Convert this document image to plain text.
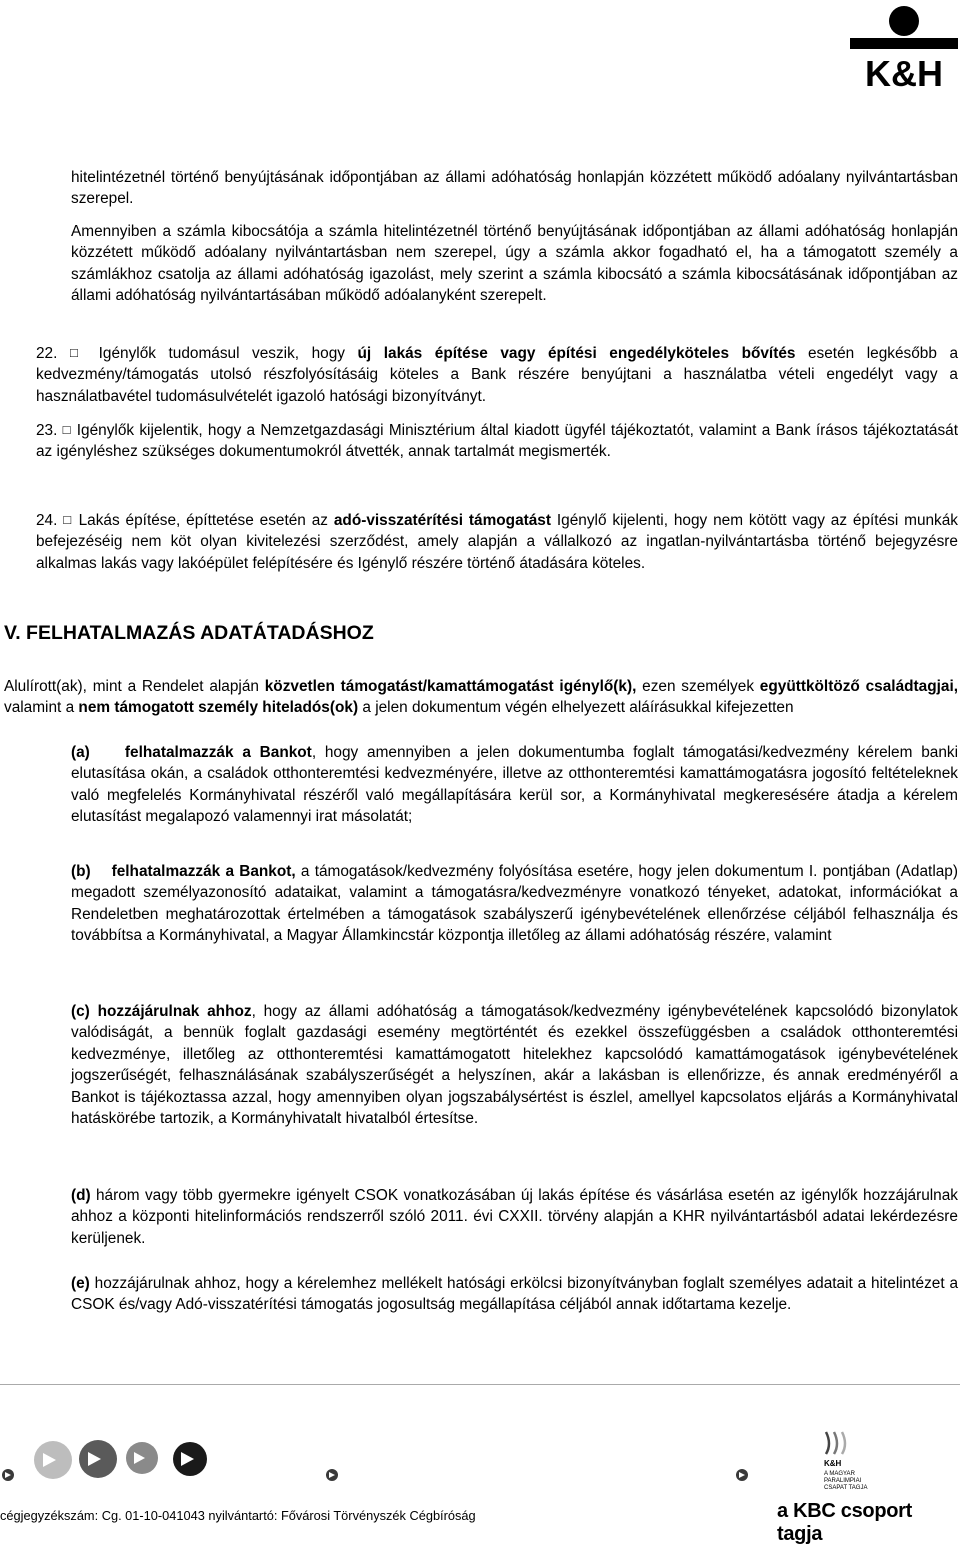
K&H
hitelintézetnél történő benyújtásának időpontjában az állami adóhatóság honlapján közzétett működő adóalany nyilvántartásban szerepel.
Amennyiben a számla kibocsátója a számla hitelintézetnél történő benyújtásának időpontjában az állami adóhatóság honlapján közzétett működő adóalany nyilvántartásban nem szerepel, úgy a számla akkor fogadható el, ha a támogatott személy a számlákhoz csatolja az állami adóhatóság igazolást, mely szerint a számla kibocsátó a számla kibocsátásának időpontjában az állami adóhatóság nyilvántartásában működő adóalanyként szerepelt.
22. □ Igénylők tudomásul veszik, hogy új lakás építése vagy építési engedélyköteles bővítés esetén legkésőbb a kedvezmény/támogatás utolsó részfolyósításáig köteles a Bank részére benyújtani a használatba vételi engedélyt vagy a használatbavétel tudomásulvételét igazoló hatósági bizonyítványt.
23. □ Igénylők kijelentik, hogy a Nemzetgazdasági Minisztérium által kiadott ügyfél tájékoztatót, valamint a Bank írásos tájékoztatását az igényléshez szükséges dokumentumokról átvették, annak tartalmát megismerték.
24. □ Lakás építése, építtetése esetén az adó-visszatérítési támogatást Igénylő kijelenti, hogy nem kötött vagy az építési munkák befejezéséig nem köt olyan kivitelezési szerződést, amely alapján a vállalkozó az ingatlan-nyilvántartásba történő bejegyzésre alkalmas lakás vagy lakóépület felépítésére és Igénylő részére történő átadására köteles.
V. FELHATALMAZÁS ADATÁTADÁSHOZ
Alulírott(ak), mint a Rendelet alapján közvetlen támogatást/kamattámogatást igénylő(k), ezen személyek együttköltöző családtagjai, valamint a nem támogatott személy hiteladós(ok) a jelen dokumentum végén elhelyezett aláírásukkal kifejezetten
(a) felhatalmazzák a Bankot, hogy amennyiben a jelen dokumentumba foglalt támogatási/kedvezmény kérelem banki elutasítása okán, a családok otthonteremtési kedvezményére, illetve az otthonteremtési kamattámogatásra jogosító feltételeknek való megfelelés Kormányhivatal részéről való megállapítására kerül sor, a Kormányhivatal megkeresésére átadja a kérelem elutasítást megalapozó valamennyi irat másolatát;
(b) felhatalmazzák a Bankot, a támogatások/kedvezmény folyósítása esetére, hogy jelen dokumentum I. pontjában (Adatlap) megadott személyazonosító adataikat, valamint a támogatásra/kedvezményre vonatkozó tényeket, adatokat, információkat a Rendeletben meghatározottak értelmében a támogatások szabályszerű igénybevételének ellenőrzése céljából felhasználja és továbbítsa a Kormányhivatal, a Magyar Államkincstár központja illetőleg az állami adóhatóság részére, valamint
(c) hozzájárulnak ahhoz, hogy az állami adóhatóság a támogatások/kedvezmény igénybevételének kapcsolódó bizonylatok valódiságát, a bennük foglalt gazdasági esemény megtörténtét és ezekkel összefüggésben a családok otthonteremtési kedvezménye, illetőleg az otthonteremtési kamattámogatott hitelekhez kapcsolódó kamattámogatások igénybevételének jogszerűségét, felhasználásának szabályszerűségét a helyszínen, akár a lakásban is ellenőrizze, és annak eredményéről a Bankot is tájékoztassa azzal, hogy amennyiben olyan jogszabálysértést is észlel, amellyel kapcsolatos eljárás a Kormányhivatal hatáskörébe tartozik, a Kormányhivatalt hivatalból értesítse.
(d) három vagy több gyermekre igényelt CSOK vonatkozásában új lakás építése és vásárlása esetén az igénylők hozzájárulnak ahhoz a központi hitelinformációs rendszerről szóló 2011. évi CXXII. törvény alapján a KHR nyilvántartásból adatai lekérdezésre kerüljenek.
(e) hozzájárulnak ahhoz, hogy a kérelemhez mellékelt hatósági erkölcsi bizonyítványban foglalt személyes adatait a hitelintézet a CSOK és/vagy Adó-visszatérítési támogatás jogosultság megállapítása céljából annak időtartama kezelje.
K&H
A MAGYAR
PARALIMPIAI
CSAPAT TAGJA
cégjegyzékszám: Cg. 01-10-041043 nyilvántartó: Fővárosi Törvényszék Cégbíróság	a KBC csoport tagja
